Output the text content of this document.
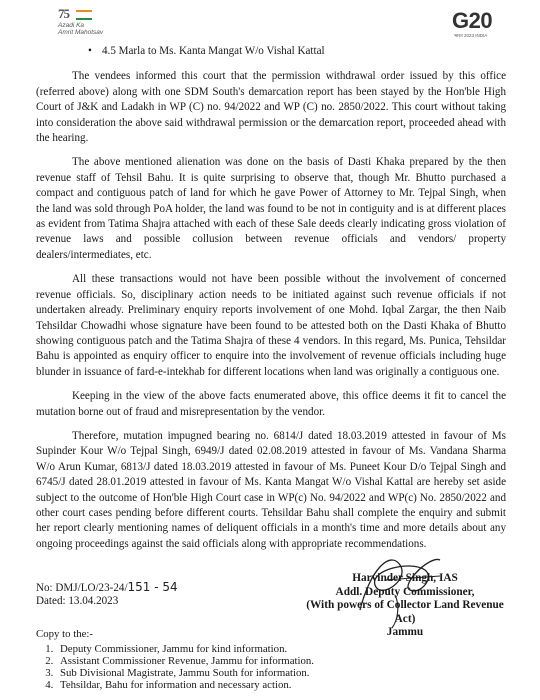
75
Azadi Ka
Amrit Mahotsav	G20
भारत 2023 INDIA
• 4.5 Marla to Ms. Kanta Mangat W/o Vishal Kattal

The vendees informed this court that the permission withdrawal order issued by this office (referred above) along with one SDM South's demarcation report has been stayed by the Hon'ble High Court of J&K and Ladakh in WP (C) no. 94/2022 and WP (C) no. 2850/2022. This court without taking into consideration the above said withdrawal permission or the demarcation report, proceeded ahead with the hearing.

The above mentioned alienation was done on the basis of Dasti Khaka prepared by the then revenue staff of Tehsil Bahu. It is quite surprising to observe that, though Mr. Bhutto purchased a compact and contiguous patch of land for which he gave Power of Attorney to Mr. Tejpal Singh, when the land was sold through PoA holder, the land was found to be not in contiguity and is at different places as evident from Tatima Shajra attached with each of these Sale deeds clearly indicating gross violation of revenue laws and possible collusion between revenue officials and vendors/ property dealers/intermediates, etc.

All these transactions would not have been possible without the involvement of concerned revenue officials. So, disciplinary action needs to be initiated against such revenue officials if not undertaken already. Preliminary enquiry reports involvement of one Mohd. Iqbal Zargar, the then Naib Tehsildar Chowadhi whose signature have been found to be attested both on the Dasti Khaka of Bhutto showing contiguous patch and the Tatima Shajra of these 4 vendors. In this regard, Ms. Punica, Tehsildar Bahu is appointed as enquiry officer to enquire into the involvement of revenue officials including huge blunder in issuance of fard-e-intekhab for different locations when land was originally a contiguous one.

Keeping in the view of the above facts enumerated above, this office deems it fit to cancel the mutation borne out of fraud and misrepresentation by the vendor.

Therefore, mutation impugned bearing no. 6814/J dated 18.03.2019 attested in favour of Ms Supinder Kour W/o Tejpal Singh, 6949/J dated 02.08.2019 attested in favour of Ms. Vandana Sharma W/o Arun Kumar, 6813/J dated 18.03.2019 attested in favour of Ms. Puneet Kour D/o Tejpal Singh and 6745/J dated 28.01.2019 attested in favour of Ms. Kanta Mangat W/o Vishal Kattal are hereby set aside subject to the outcome of Hon'ble High Court case in WP(c) No. 94/2022 and WP(c) No. 2850/2022 and other court cases pending before different courts. Tehsildar Bahu shall complete the enquiry and submit her report clearly mentioning names of deliquent officials in a month's time and more details about any ongoing proceedings against the said officials along with appropriate recommendations.

Harvinder Singh, IAS
Addl. Deputy Commissioner,
(With powers of Collector Land Revenue Act)
Jammu
No: DMJ/LO/23-24/151 - 54
Dated: 13.04.2023
Copy to the:-
1. Deputy Commissioner, Jammu for kind information.
2. Assistant Commissioner Revenue, Jammu for information.
3. Sub Divisional Magistrate, Jammu South for information.
4. Tehsildar, Bahu for information and necessary action.
